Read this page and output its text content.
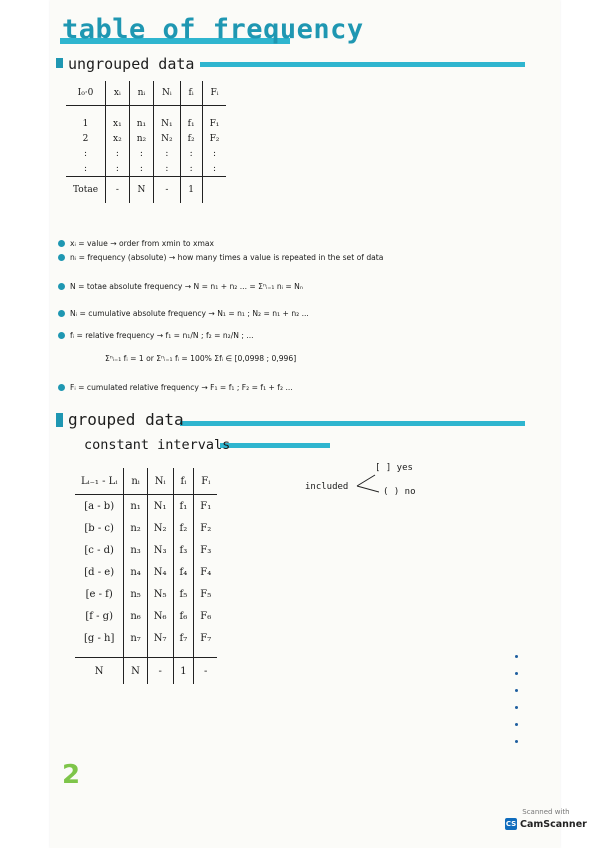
table of frequency
ungrouped data
I₀·0	xᵢ	nᵢ	Nᵢ	fᵢ	Fᵢ

1	x₁	n₁	N₁	f₁	F₁
2	x₂	n₂	N₂	f₂	F₂
:	:	:	:	:	:
:	:	:	:	:	:
Totae	-	N	-	1	
xᵢ = value → order from xmin to xmax
nᵢ = frequency (absolute) → how many times a value is repeated in the set of data
N = totae absolute frequency → N = n₁ + n₂ ... = Σⁿᵢ₌₁ nᵢ = Nₙ
Nᵢ = cumulative absolute frequency → N₁ = n₁ ; N₂ = n₁ + n₂ ...
fᵢ = relative frequency → f₁ = n₁/N ; f₂ = n₂/N ; ...
Σⁿᵢ₌₁ fᵢ = 1 or Σⁿᵢ₌₁ fᵢ = 100% Σfᵢ ∈ [0,0998 ; 0,996]
Fᵢ = cumulated relative frequency → F₁ = f₁ ; F₂ = f₁ + f₂ ...
grouped data
constant intervals
Lᵢ₋₁ - Lᵢ	nᵢ	Nᵢ	fᵢ	Fᵢ
[a - b)	n₁	N₁	f₁	F₁
[b - c)	n₂	N₂	f₂	F₂
[c - d)	n₃	N₃	f₃	F₃
[d - e)	n₄	N₄	f₄	F₄
[e - f)	n₅	N₅	f₅	F₅
[f - g)	n₆	N₆	f₆	F₆
[g - h]	n₇	N₇	f₇	F₇

N	N	-	1	-
included
[ ] yes
( ) no
2
Scanned with
CS CamScanner
